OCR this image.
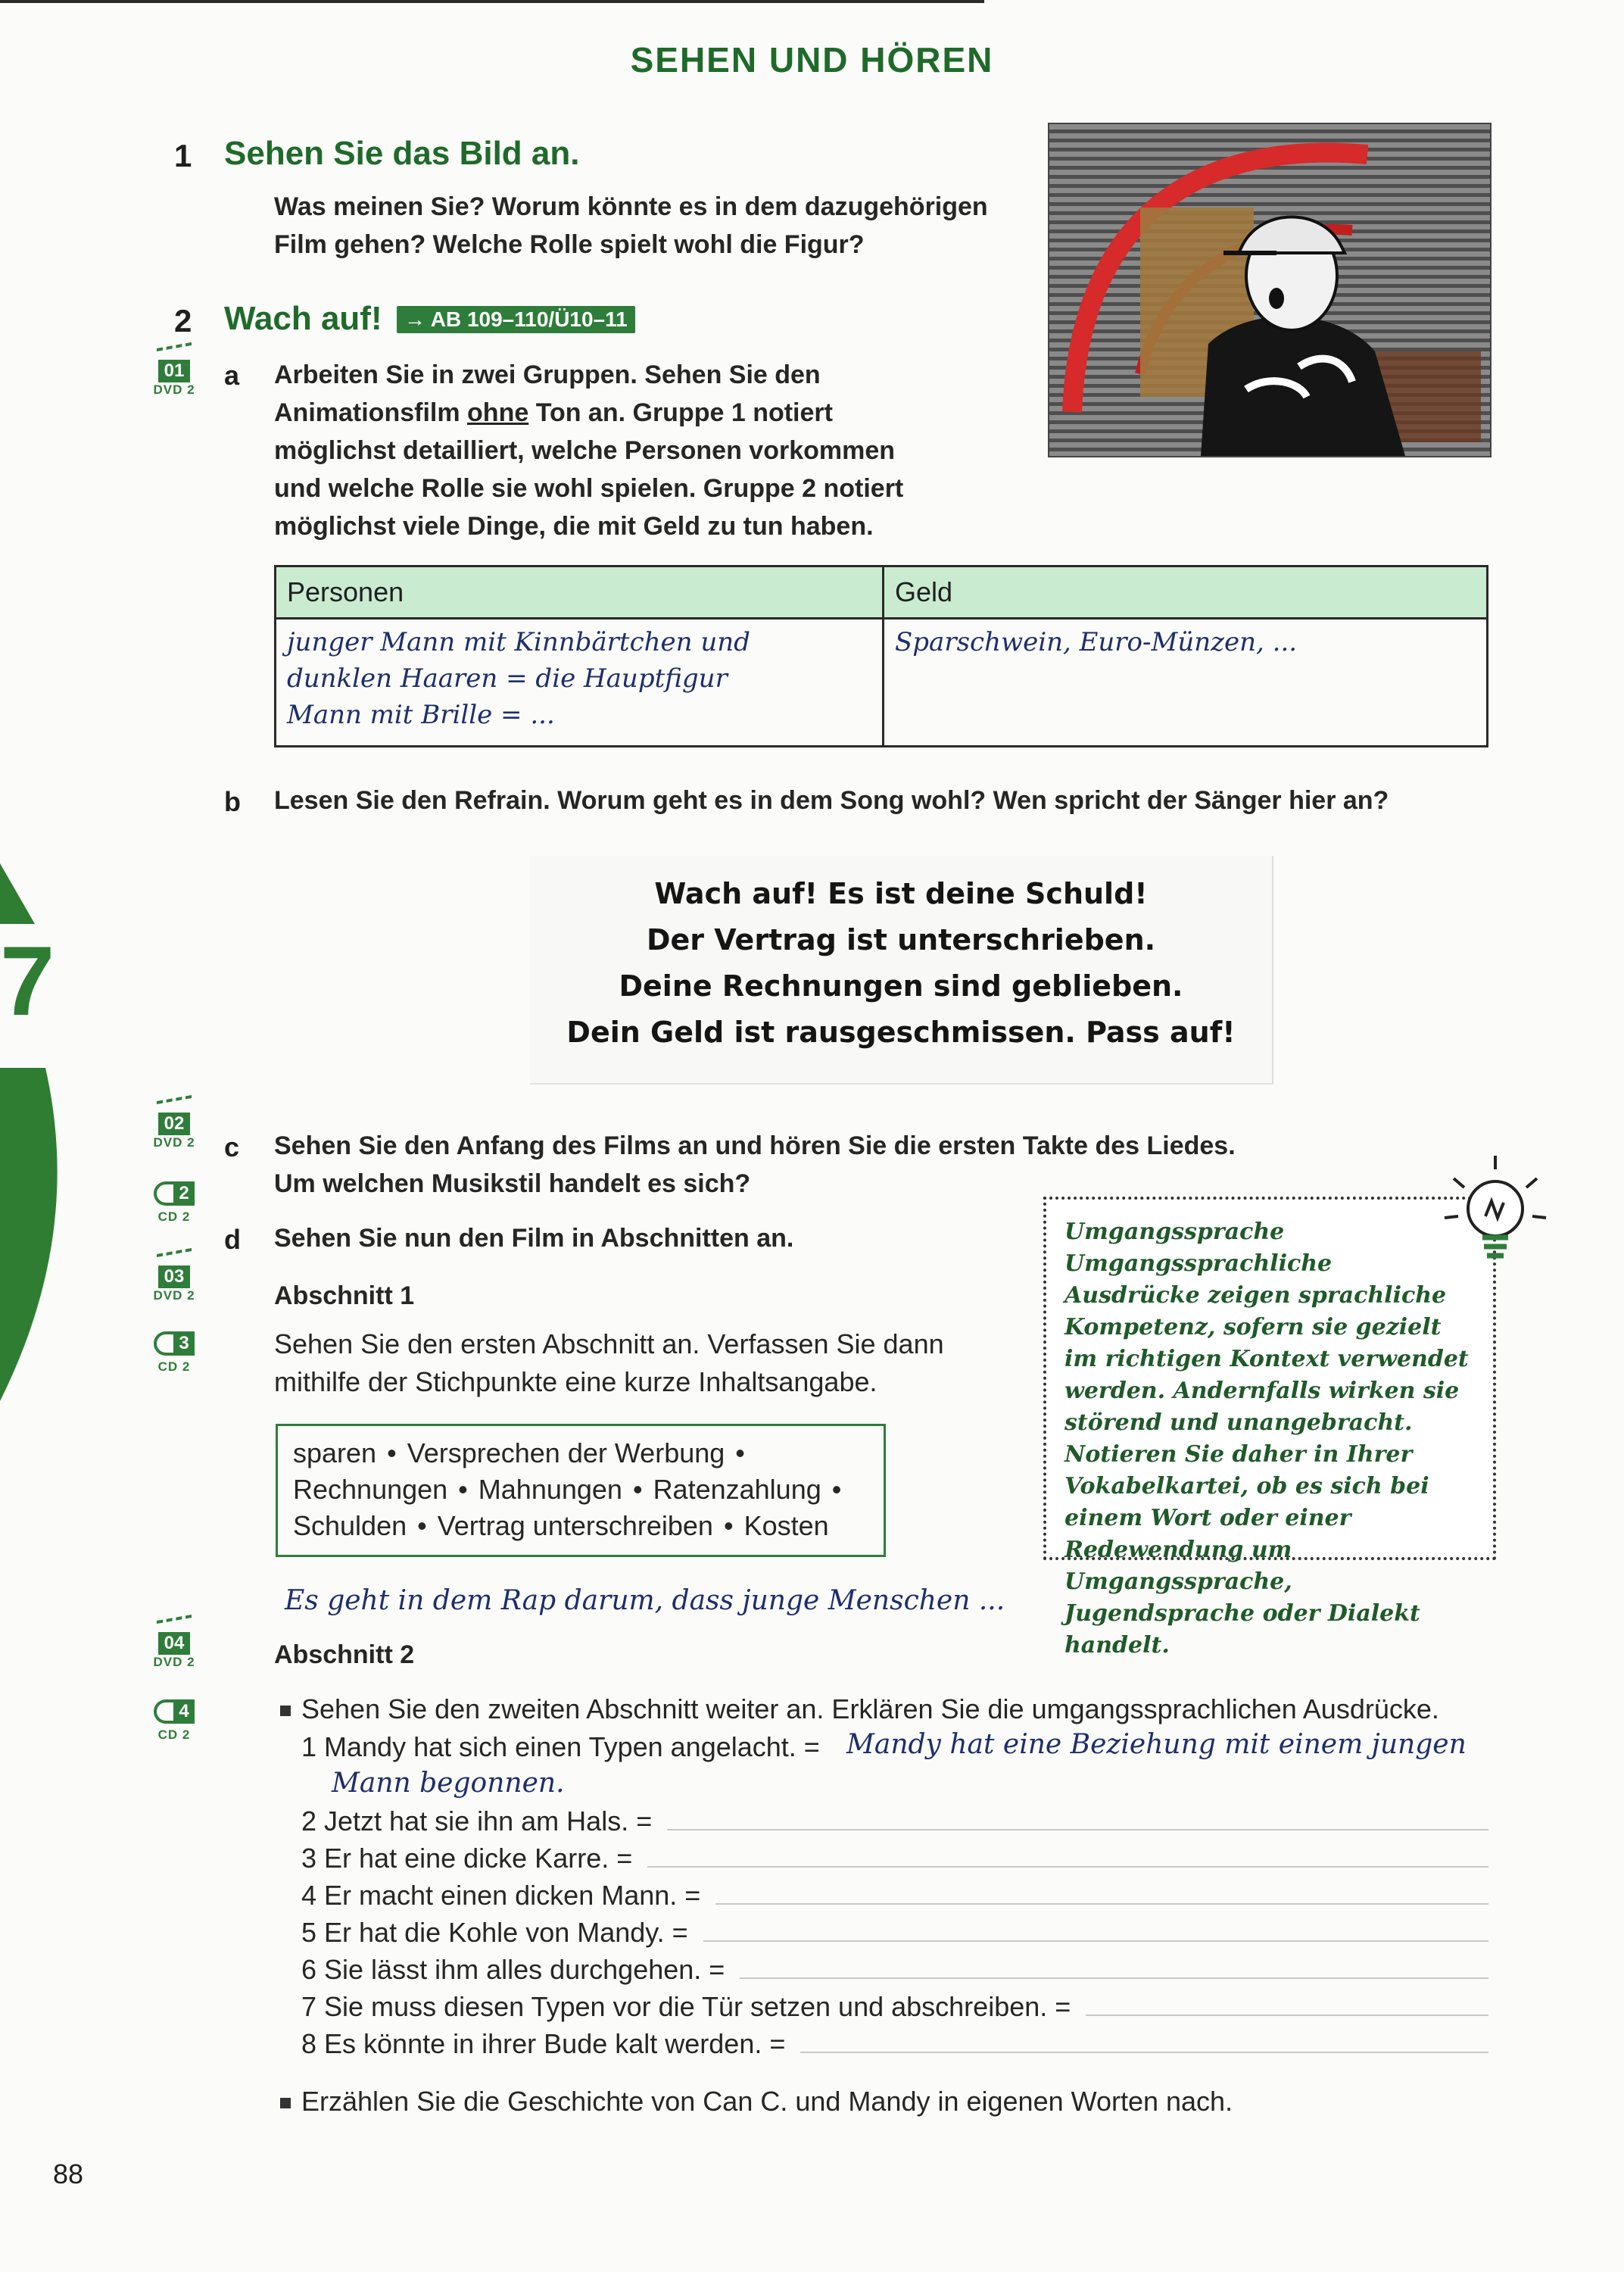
7
SEHEN UND HÖREN
1 Sehen Sie das Bild an.
Was meinen Sie? Worum könnte es in dem dazugehörigen
Film gehen? Welche Rolle spielt wohl die Figur?
2 Wach auf!	→ AB 109–110/Ü10–11
01
DVD 2 a Arbeiten Sie in zwei Gruppen. Sehen Sie den
Animationsfilm ohne Ton an. Gruppe 1 notiert
möglichst detailliert, welche Personen vorkommen
und welche Rolle sie wohl spielen. Gruppe 2 notiert
möglichst viele Dinge, die mit Geld zu tun haben.
Personen	Geld

junger Mann mit Kinnbärtchen und
dunklen Haaren = die Hauptfigur
Mann mit Brille = ...	Sparschwein, Euro-Münzen, ...
b Lesen Sie den Refrain. Worum geht es in dem Song wohl? Wen spricht der Sänger hier an?
Wach auf! Es ist deine Schuld!
Der Vertrag ist unterschrieben.
Deine Rechnungen sind geblieben.
Dein Geld ist rausgeschmissen. Pass auf!
02
DVD 2
2
CD 2
c Sehen Sie den Anfang des Films an und hören Sie die ersten Takte des Liedes.
Um welchen Musikstil handelt es sich?
d Sehen Sie nun den Film in Abschnitten an.
03
DVD 2
3
CD 2
Abschnitt 1
Sehen Sie den ersten Abschnitt an. Verfassen Sie dann
mithilfe der Stichpunkte eine kurze Inhaltsangabe.
sparen • Versprechen der Werbung •
Rechnungen • Mahnungen • Ratenzahlung •
Schulden • Vertrag unterschreiben • Kosten
Es geht in dem Rap darum, dass junge Menschen ...
Umgangssprache
Umgangssprachliche Ausdrücke zeigen sprachliche Kompetenz, sofern sie gezielt im richtigen Kontext verwendet werden. Andernfalls wirken sie störend und unangebracht. Notieren Sie daher in Ihrer Vokabelkartei, ob es sich bei einem Wort oder einer Redewendung um Umgangssprache, Jugendsprache oder Dialekt handelt.
04
DVD 2
4
CD 2
Abschnitt 2
Sehen Sie den zweiten Abschnitt weiter an. Erklären Sie die umgangssprachlichen Ausdrücke.
1 Mandy hat sich einen Typen angelacht. = Mandy hat eine Beziehung mit einem jungen
Mann begonnen.
2 Jetzt hat sie ihn am Hals. =
3 Er hat eine dicke Karre. =
4 Er macht einen dicken Mann. =
5 Er hat die Kohle von Mandy. =
6 Sie lässt ihm alles durchgehen. =
7 Sie muss diesen Typen vor die Tür setzen und abschreiben. =
8 Es könnte in ihrer Bude kalt werden. =
Erzählen Sie die Geschichte von Can C. und Mandy in eigenen Worten nach.
88
